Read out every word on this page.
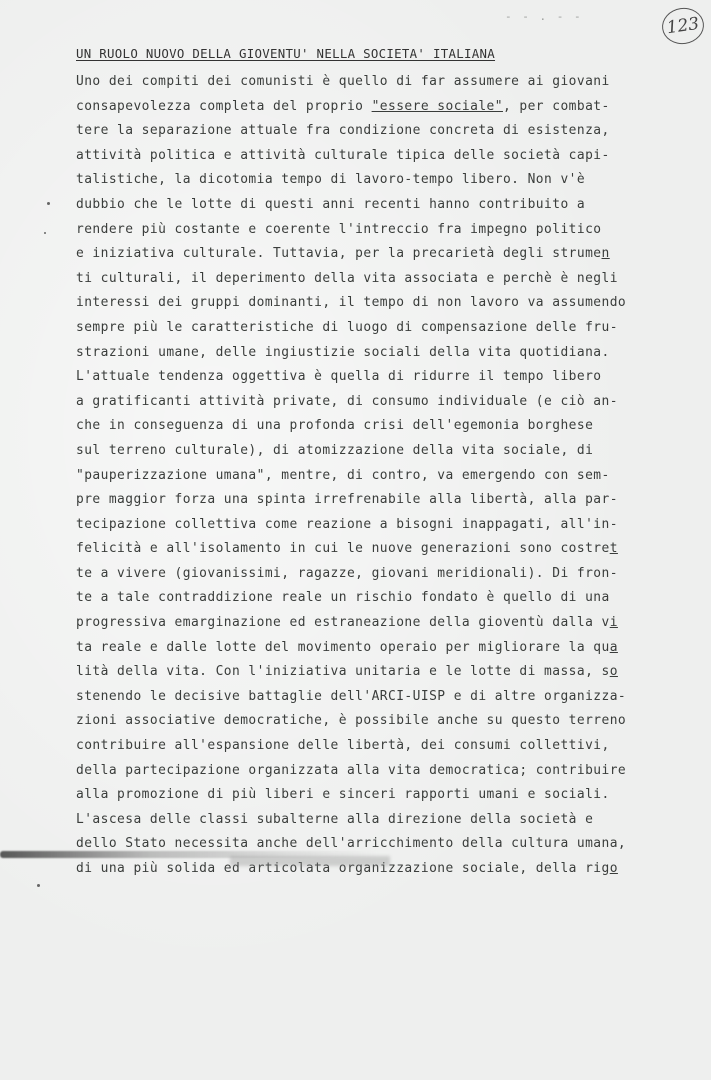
- - . - -	123
UN RUOLO NUOVO DELLA GIOVENTU' NELLA SOCIETA' ITALIANA
Uno dei compiti dei comunisti è quello di far assumere ai giovani
consapevolezza completa del proprio "essere sociale", per combat-
tere la separazione attuale fra condizione concreta di esistenza,
attività politica e attività culturale tipica delle società capi-
talistiche, la dicotomia tempo di lavoro-tempo libero. Non v'è
dubbio che le lotte di questi anni recenti hanno contribuito a
rendere più costante e coerente l'intreccio fra impegno politico
e iniziativa culturale. Tuttavia, per la precarietà degli strumen
ti culturali, il deperimento della vita associata e perchè è negli
interessi dei gruppi dominanti, il tempo di non lavoro va assumendo
sempre più le caratteristiche di luogo di compensazione delle fru-
strazioni umane, delle ingiustizie sociali della vita quotidiana.
L'attuale tendenza oggettiva è quella di ridurre il tempo libero
a gratificanti attività private, di consumo individuale (e ciò an-
che in conseguenza di una profonda crisi dell'egemonia borghese
sul terreno culturale), di atomizzazione della vita sociale, di
"pauperizzazione umana", mentre, di contro, va emergendo con sem-
pre maggior forza una spinta irrefrenabile alla libertà, alla par-
tecipazione collettiva come reazione a bisogni inappagati, all'in-
felicità e all'isolamento in cui le nuove generazioni sono costret
te a vivere (giovanissimi, ragazze, giovani meridionali). Di fron-
te a tale contraddizione reale un rischio fondato è quello di una
progressiva emarginazione ed estraneazione della gioventù dalla vi
ta reale e dalle lotte del movimento operaio per migliorare la qua
lità della vita. Con l'iniziativa unitaria e le lotte di massa, so
stenendo le decisive battaglie dell'ARCI-UISP e di altre organizza-
zioni associative democratiche, è possibile anche su questo terreno
contribuire all'espansione delle libertà, dei consumi collettivi,
della partecipazione organizzata alla vita democratica; contribuire
alla promozione di più liberi e sinceri rapporti umani e sociali.
L'ascesa delle classi subalterne alla direzione della società e
dello Stato necessita anche dell'arricchimento della cultura umana,
di una più solida ed articolata organizzazione sociale, della rigo
